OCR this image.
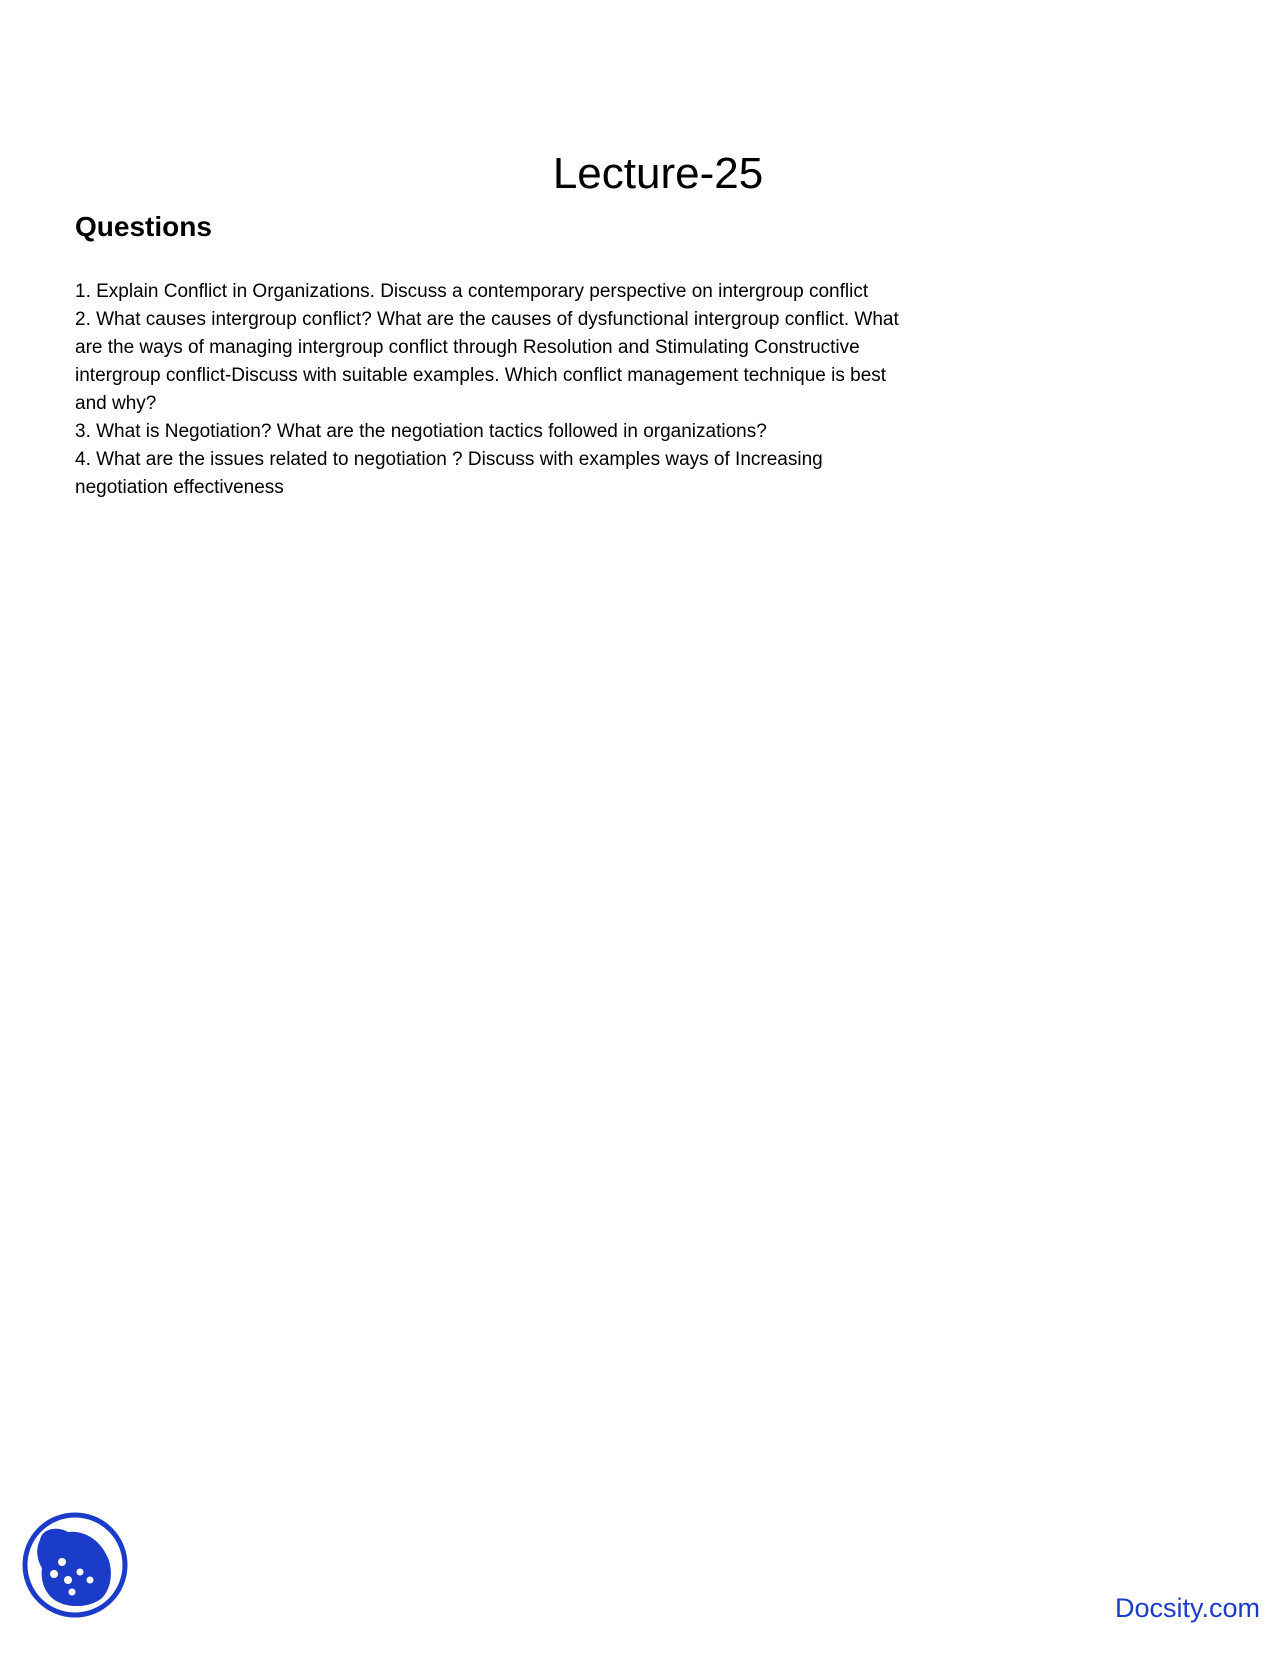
Lecture-25
Questions

1. Explain Conflict in Organizations. Discuss a contemporary perspective on intergroup conflict

2. What causes intergroup conflict? What are the causes of dysfunctional intergroup conflict. What are the ways of managing intergroup conflict through Resolution and Stimulating Constructive intergroup conflict-Discuss with suitable examples. Which conflict management technique is best and why?

3. What is Negotiation? What are the negotiation tactics followed in organizations?

4. What are the issues related to negotiation ? Discuss with examples ways of Increasing negotiation effectiveness

Docsity.com
